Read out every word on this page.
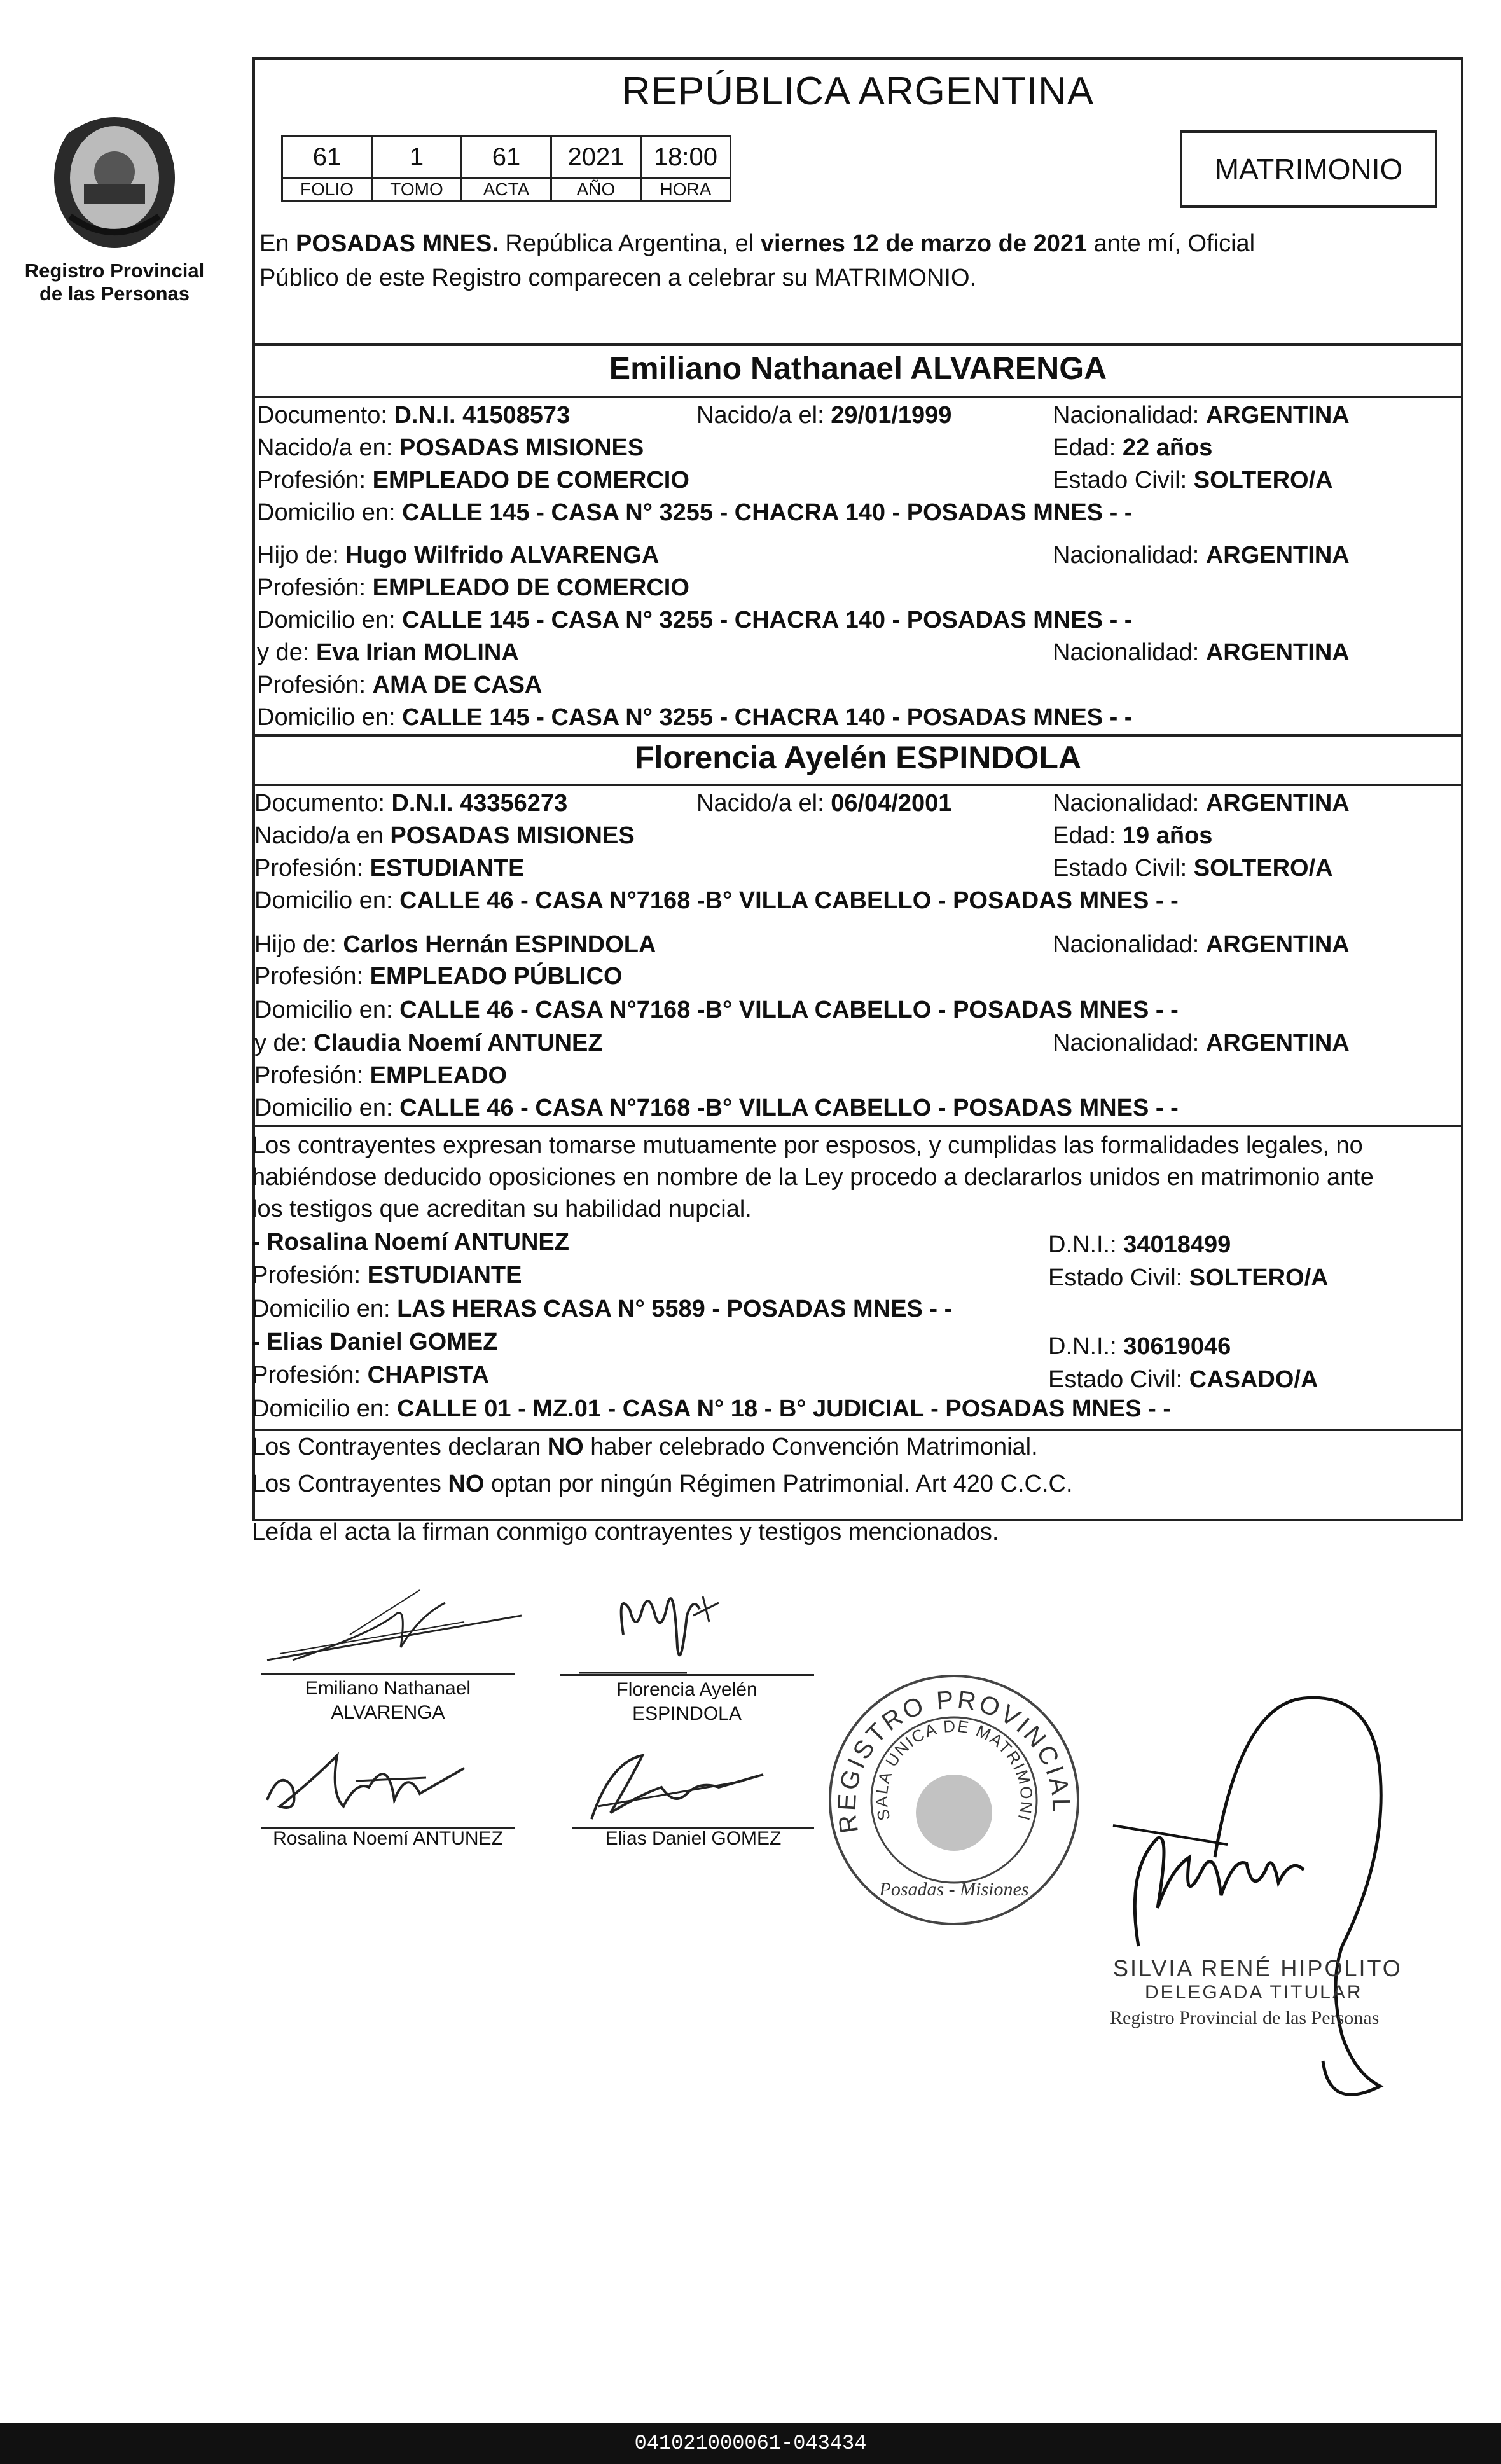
Registro Provincial
de las Personas
REPÚBLICA ARGENTINA
61	1	61	2021	18:00
FOLIO	TOMO	ACTA	AÑO	HORA
MATRIMONIO
En POSADAS MNES. República Argentina, el viernes 12 de marzo de 2021 ante mí, Oficial
Público de este Registro comparecen a celebrar su MATRIMONIO.
Emiliano Nathanael ALVARENGA
Documento: D.N.I. 41508573	Nacido/a el: 29/01/1999	Nacionalidad: ARGENTINA
Nacido/a en: POSADAS MISIONES	Edad: 22 años
Profesión: EMPLEADO DE COMERCIO	Estado Civil: SOLTERO/A
Domicilio en: CALLE 145 - CASA N° 3255 - CHACRA 140 - POSADAS MNES - -
Hijo de: Hugo Wilfrido ALVARENGA	Nacionalidad: ARGENTINA
Profesión: EMPLEADO DE COMERCIO
Domicilio en: CALLE 145 - CASA N° 3255 - CHACRA 140 - POSADAS MNES - -
y de: Eva Irian MOLINA	Nacionalidad: ARGENTINA
Profesión: AMA DE CASA
Domicilio en: CALLE 145 - CASA N° 3255 - CHACRA 140 - POSADAS MNES - -
Florencia Ayelén ESPINDOLA
Documento: D.N.I. 43356273	Nacido/a el: 06/04/2001	Nacionalidad: ARGENTINA
Nacido/a en POSADAS MISIONES	Edad: 19 años
Profesión: ESTUDIANTE	Estado Civil: SOLTERO/A
Domicilio en: CALLE 46 - CASA N°7168 -B° VILLA CABELLO - POSADAS MNES - -
Hijo de: Carlos Hernán ESPINDOLA	Nacionalidad: ARGENTINA
Profesión: EMPLEADO PÚBLICO
Domicilio en: CALLE 46 - CASA N°7168 -B° VILLA CABELLO - POSADAS MNES - -
y de: Claudia Noemí ANTUNEZ	Nacionalidad: ARGENTINA
Profesión: EMPLEADO
Domicilio en: CALLE 46 - CASA N°7168 -B° VILLA CABELLO - POSADAS MNES - -
Los contrayentes expresan tomarse mutuamente por esposos, y cumplidas las formalidades legales, no
habiéndose deducido oposiciones en nombre de la Ley procedo a declararlos unidos en matrimonio ante
los testigos que acreditan su habilidad nupcial.
- Rosalina Noemí ANTUNEZ	D.N.I.: 34018499
Profesión: ESTUDIANTE	Estado Civil: SOLTERO/A
Domicilio en: LAS HERAS CASA N° 5589 - POSADAS MNES - -
- Elias Daniel GOMEZ	D.N.I.: 30619046
Profesión: CHAPISTA	Estado Civil: CASADO/A
Domicilio en: CALLE 01 - MZ.01 - CASA N° 18 - B° JUDICIAL - POSADAS MNES - -
Los Contrayentes declaran NO haber celebrado Convención Matrimonial.
Los Contrayentes NO optan por ningún Régimen Patrimonial. Art 420 C.C.C.
Leída el acta la firman conmigo contrayentes y testigos mencionados.
Emiliano Nathanael
ALVARENGA
Florencia Ayelén
ESPINDOLA
Rosalina Noemí ANTUNEZ	Elias Daniel GOMEZ
REGISTRO PROVINCIAL
SALA UNICA DE MATRIMONI
Posadas - Misiones
SILVIA RENÉ HIPOLITO
DELEGADA TITULAR
Registro Provincial de las Personas
041021000061-043434
